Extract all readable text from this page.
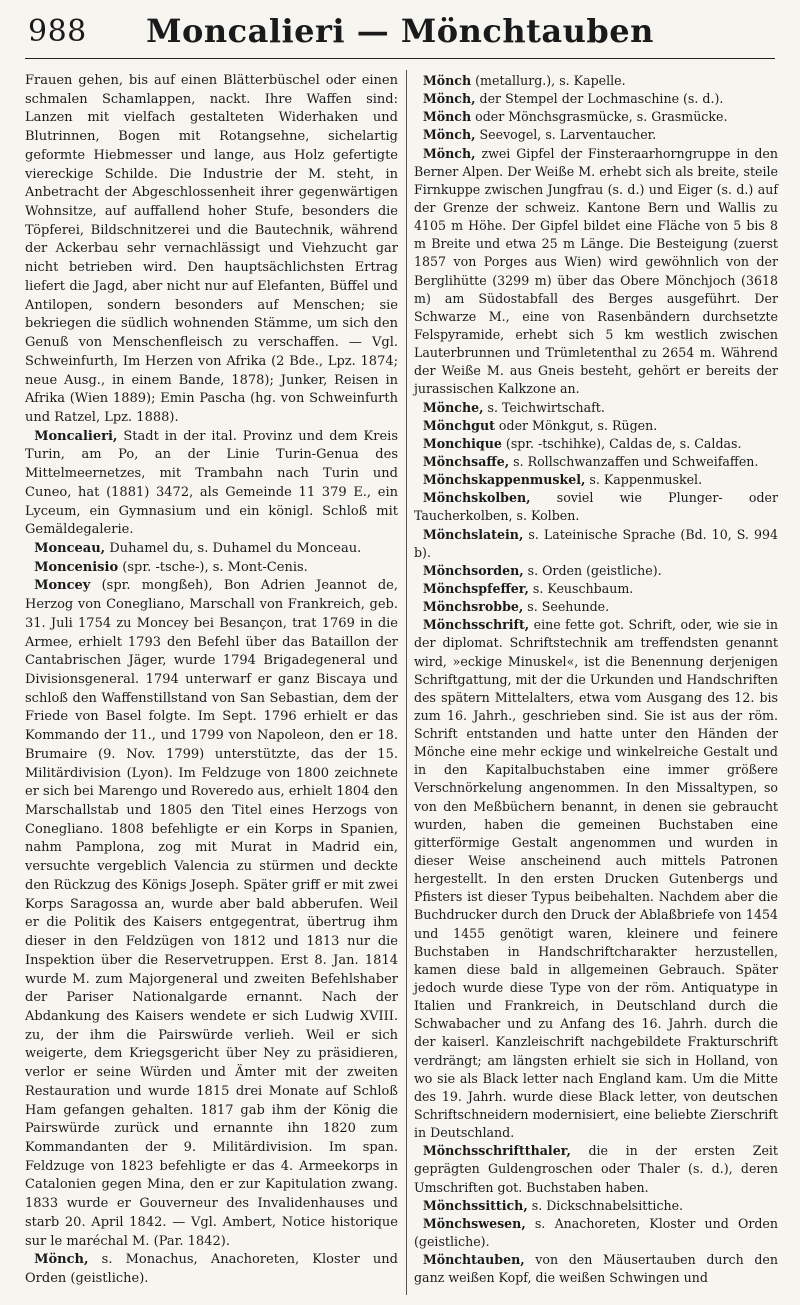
988	Moncalieri — Mönchtauben

Frauen gehen, bis auf einen Blätterbüschel oder einen schmalen Schamlappen, nackt. Ihre Waffen sind: Lanzen mit vielfach gestalteten Widerhaken und Blutrinnen, Bogen mit Rotangsehne, sichelartig geformte Hiebmesser und lange, aus Holz gefertigte viereckige Schilde. Die Industrie der M. steht, in Anbetracht der Abgeschlossenheit ihrer gegenwärtigen Wohnsitze, auf auffallend hoher Stufe, besonders die Töpferei, Bildschnitzerei und die Bautechnik, während der Ackerbau sehr vernachlässigt und Viehzucht gar nicht betrieben wird. Den hauptsächlichsten Ertrag liefert die Jagd, aber nicht nur auf Elefanten, Büffel und Antilopen, sondern besonders auf Menschen; sie bekriegen die südlich wohnenden Stämme, um sich den Genuß von Menschenfleisch zu verschaffen. — Vgl. Schweinfurth, Im Herzen von Afrika (2 Bde., Lpz. 1874; neue Ausg., in einem Bande, 1878); Junker, Reisen in Afrika (Wien 1889); Emin Pascha (hg. von Schweinfurth und Ratzel, Lpz. 1888).

Moncalieri, Stadt in der ital. Provinz und dem Kreis Turin, am Po, an der Linie Turin-Genua des Mittelmeernetzes, mit Trambahn nach Turin und Cuneo, hat (1881) 3472, als Gemeinde 11 379 E., ein Lyceum, ein Gymnasium und ein königl. Schloß mit Gemäldegalerie.

Monceau, Duhamel du, s. Duhamel du Monceau.

Moncenisio (spr. -tsche-), s. Mont-Cenis.

Moncey (spr. mongßeh), Bon Adrien Jeannot de, Herzog von Conegliano, Marschall von Frankreich, geb. 31. Juli 1754 zu Moncey bei Besançon, trat 1769 in die Armee, erhielt 1793 den Befehl über das Bataillon der Cantabrischen Jäger, wurde 1794 Brigadegeneral und Divisionsgeneral. 1794 unterwarf er ganz Biscaya und schloß den Waffenstillstand von San Sebastian, dem der Friede von Basel folgte. Im Sept. 1796 erhielt er das Kommando der 11., und 1799 von Napoleon, den er 18. Brumaire (9. Nov. 1799) unterstützte, das der 15. Militärdivision (Lyon). Im Feldzuge von 1800 zeichnete er sich bei Marengo und Roveredo aus, erhielt 1804 den Marschallstab und 1805 den Titel eines Herzogs von Conegliano. 1808 befehligte er ein Korps in Spanien, nahm Pamplona, zog mit Murat in Madrid ein, versuchte vergeblich Valencia zu stürmen und deckte den Rückzug des Königs Joseph. Später griff er mit zwei Korps Saragossa an, wurde aber bald abberufen. Weil er die Politik des Kaisers entgegentrat, übertrug ihm dieser in den Feldzügen von 1812 und 1813 nur die Inspektion über die Reservetruppen. Erst 8. Jan. 1814 wurde M. zum Majorgeneral und zweiten Befehlshaber der Pariser Nationalgarde ernannt. Nach der Abdankung des Kaisers wendete er sich Ludwig XVIII. zu, der ihm die Pairswürde verlieh. Weil er sich weigerte, dem Kriegsgericht über Ney zu präsidieren, verlor er seine Würden und Ämter mit der zweiten Restauration und wurde 1815 drei Monate auf Schloß Ham gefangen gehalten. 1817 gab ihm der König die Pairswürde zurück und ernannte ihn 1820 zum Kommandanten der 9. Militärdivision. Im span. Feldzuge von 1823 befehligte er das 4. Armeekorps in Catalonien gegen Mina, den er zur Kapitulation zwang. 1833 wurde er Gouverneur des Invalidenhauses und starb 20. April 1842. — Vgl. Ambert, Notice historique sur le maréchal M. (Par. 1842).

Mönch, s. Monachus, Anachoreten, Kloster und Orden (geistliche).

Mönch (metallurg.), s. Kapelle.

Mönch, der Stempel der Lochmaschine (s. d.).

Mönch oder Mönchsgrasmücke, s. Grasmücke.

Mönch, Seevogel, s. Larventaucher.

Mönch, zwei Gipfel der Finsteraarhorngruppe in den Berner Alpen. Der Weiße M. erhebt sich als breite, steile Firnkuppe zwischen Jungfrau (s. d.) und Eiger (s. d.) auf der Grenze der schweiz. Kantone Bern und Wallis zu 4105 m Höhe. Der Gipfel bildet eine Fläche von 5 bis 8 m Breite und etwa 25 m Länge. Die Besteigung (zuerst 1857 von Porges aus Wien) wird gewöhnlich von der Berglihütte (3299 m) über das Obere Mönchjoch (3618 m) am Südostabfall des Berges ausgeführt. Der Schwarze M., eine von Rasenbändern durchsetzte Felspyramide, erhebt sich 5 km westlich zwischen Lauterbrunnen und Trümletenthal zu 2654 m. Während der Weiße M. aus Gneis besteht, gehört er bereits der jurassischen Kalkzone an.

Mönche, s. Teichwirtschaft.

Mönchgut oder Mönkgut, s. Rügen.

Monchique (spr. -tschihke), Caldas de, s. Caldas.

Mönchsaffe, s. Rollschwanzaffen und Schweifaffen.

Mönchskappenmuskel, s. Kappenmuskel.

Mönchskolben, soviel wie Plunger- oder Taucherkolben, s. Kolben.

Mönchslatein, s. Lateinische Sprache (Bd. 10, S. 994 b).

Mönchsorden, s. Orden (geistliche).

Mönchspfeffer, s. Keuschbaum.

Mönchsrobbe, s. Seehunde.

Mönchsschrift, eine fette got. Schrift, oder, wie sie in der diplomat. Schriftstechnik am treffendsten genannt wird, »eckige Minuskel«, ist die Benennung derjenigen Schriftgattung, mit der die Urkunden und Handschriften des spätern Mittelalters, etwa vom Ausgang des 12. bis zum 16. Jahrh., geschrieben sind. Sie ist aus der röm. Schrift entstanden und hatte unter den Händen der Mönche eine mehr eckige und winkelreiche Gestalt und in den Kapitalbuchstaben eine immer größere Verschnörkelung angenommen. In den Missaltypen, so von den Meßbüchern benannt, in denen sie gebraucht wurden, haben die gemeinen Buchstaben eine gitterförmige Gestalt angenommen und wurden in dieser Weise anscheinend auch mittels Patronen hergestellt. In den ersten Drucken Gutenbergs und Pfisters ist dieser Typus beibehalten. Nachdem aber die Buchdrucker durch den Druck der Ablaßbriefe von 1454 und 1455 genötigt waren, kleinere und feinere Buchstaben in Handschriftcharakter herzustellen, kamen diese bald in allgemeinen Gebrauch. Später jedoch wurde diese Type von der röm. Antiquatype in Italien und Frankreich, in Deutschland durch die Schwabacher und zu Anfang des 16. Jahrh. durch die der kaiserl. Kanzleischrift nachgebildete Frakturschrift verdrängt; am längsten erhielt sie sich in Holland, von wo sie als Black letter nach England kam. Um die Mitte des 19. Jahrh. wurde diese Black letter, von deutschen Schriftschneidern modernisiert, eine beliebte Zierschrift in Deutschland.

Mönchsschriftthaler, die in der ersten Zeit geprägten Guldengroschen oder Thaler (s. d.), deren Umschriften got. Buchstaben haben.

Mönchssittich, s. Dickschnabelsittiche.

Mönchswesen, s. Anachoreten, Kloster und Orden (geistliche).

Mönchtauben, von den Mäusertauben durch den ganz weißen Kopf, die weißen Schwingen und
